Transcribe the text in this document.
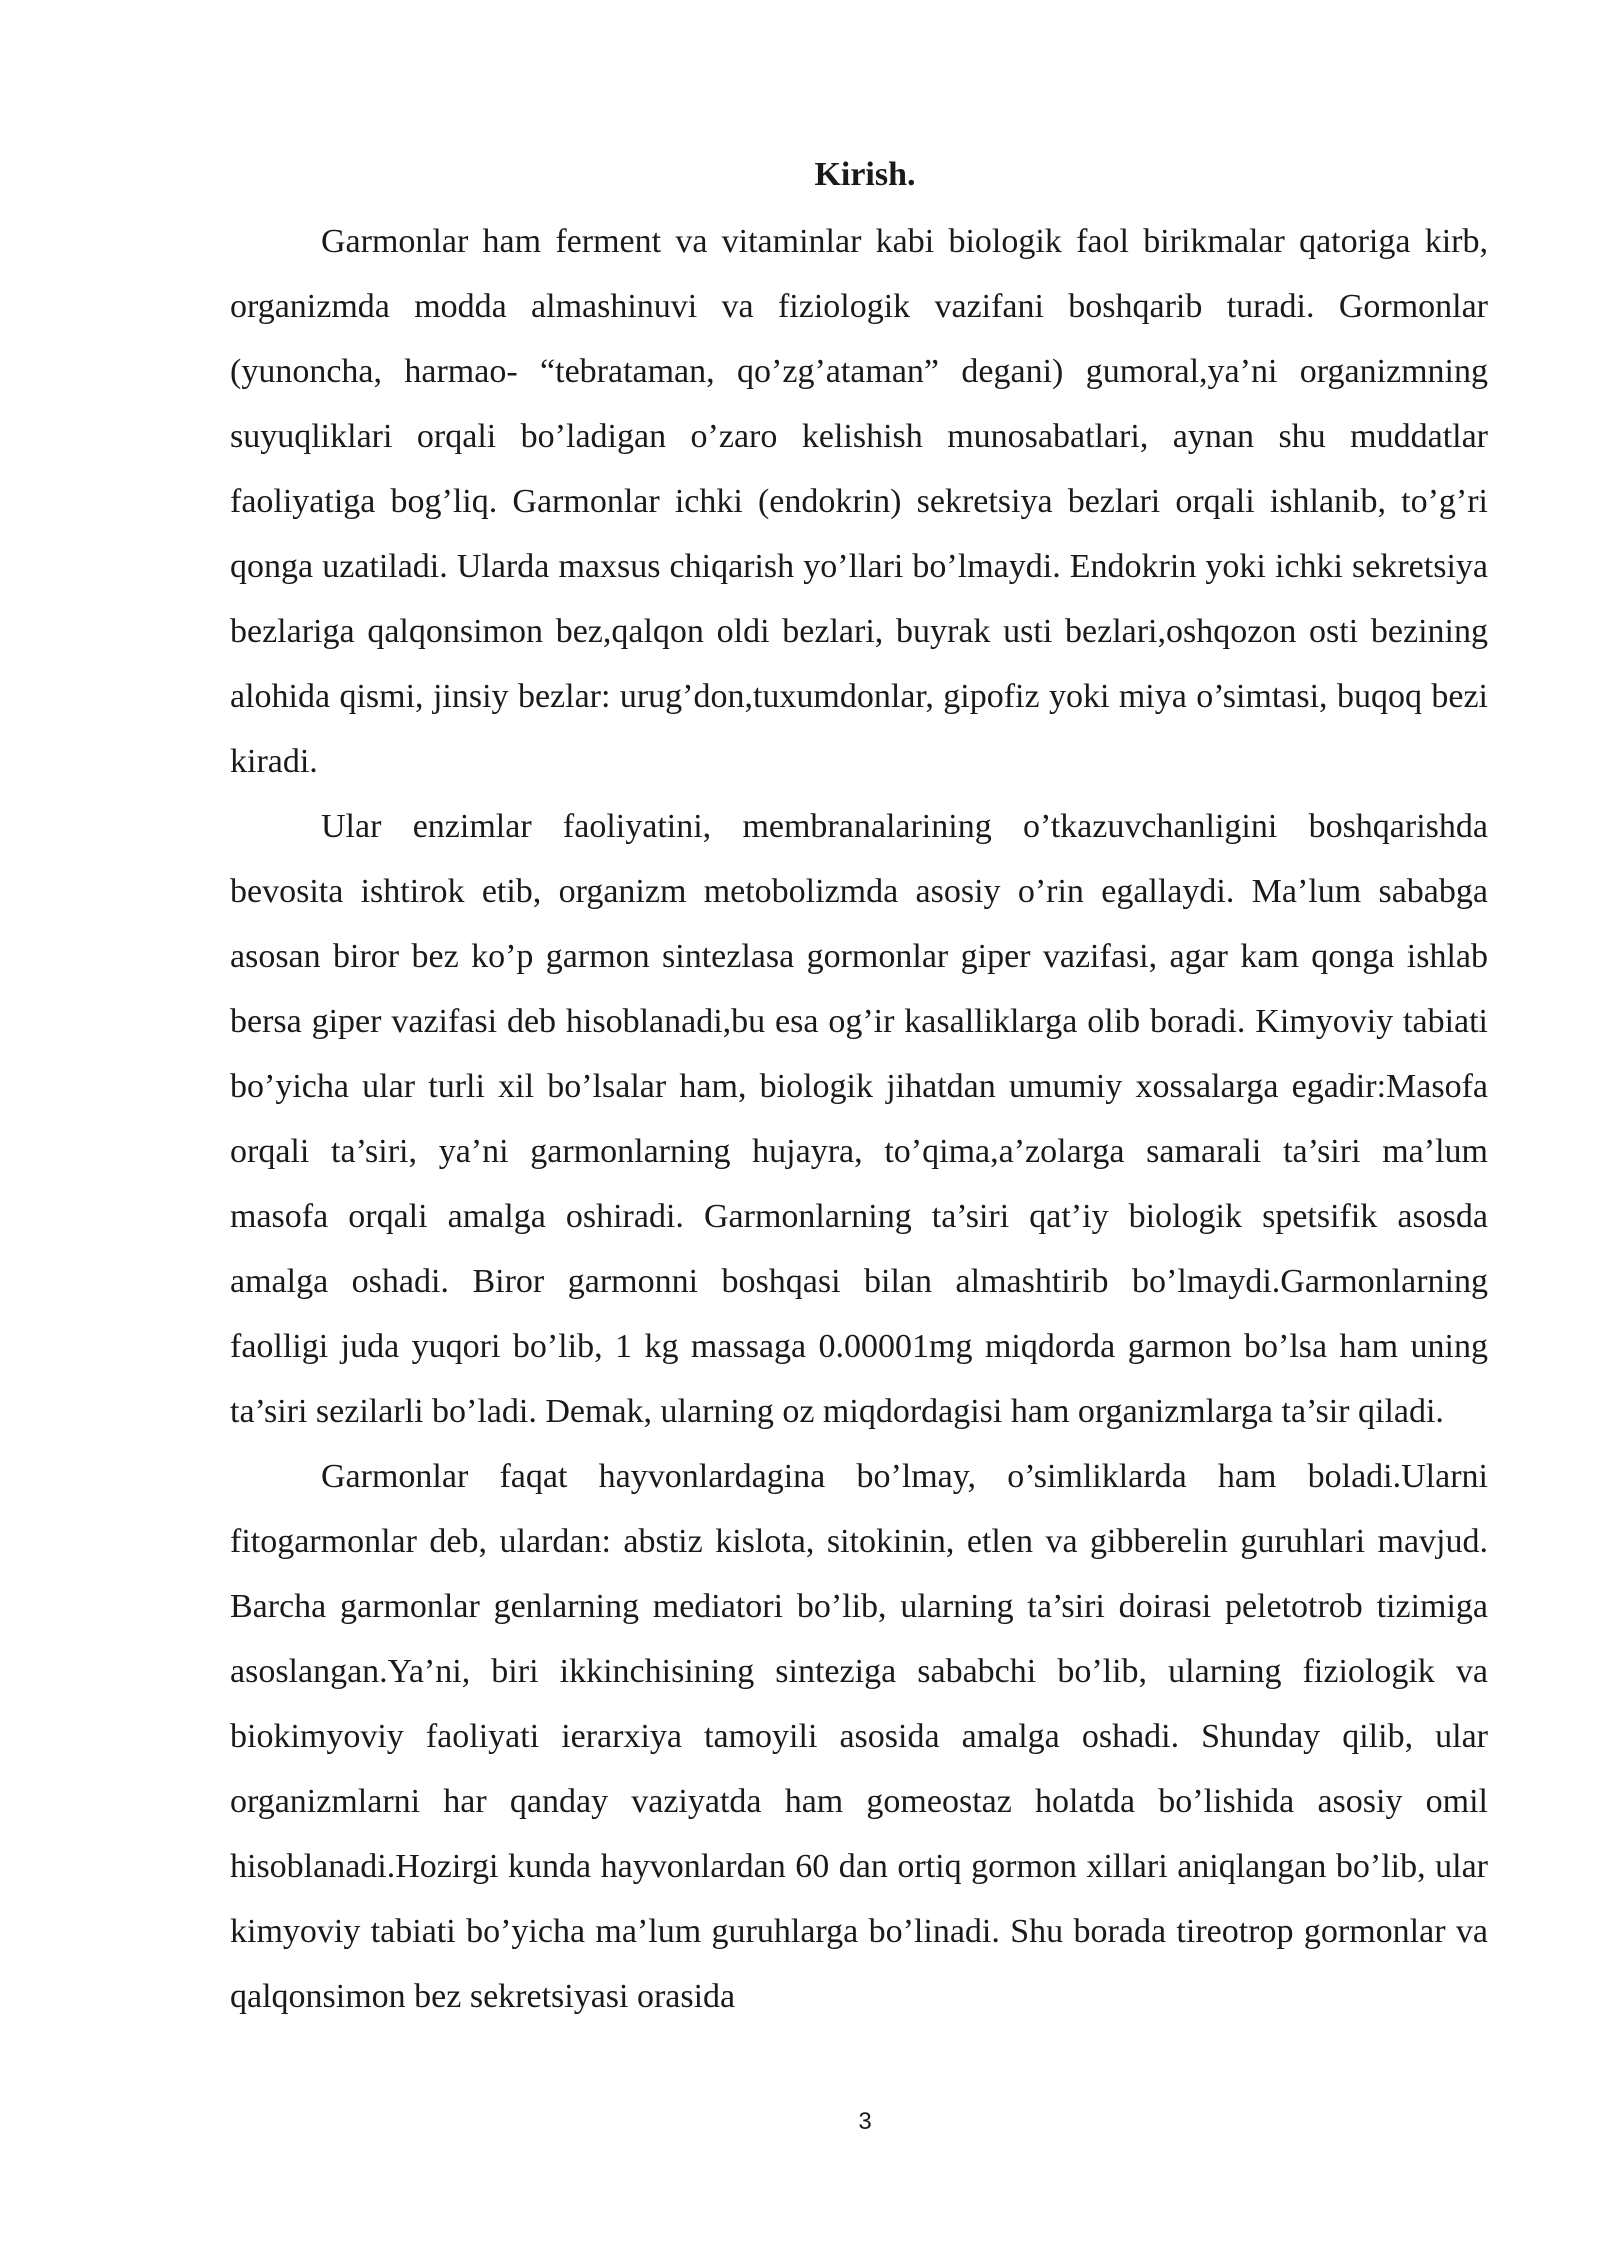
Kirish.

Garmonlar ham ferment va vitaminlar kabi biologik faol birikmalar qatoriga kirb, organizmda modda almashinuvi va fiziologik vazifani boshqarib turadi. Gormonlar (yunoncha, harmao- “tebrataman, qo’zg’ataman” degani) gumoral,ya’ni organizmning suyuqliklari orqali bo’ladigan o’zaro kelishish munosabatlari, aynan shu muddatlar faoliyatiga bog’liq. Garmonlar ichki (endokrin) sekretsiya bezlari orqali ishlanib, to’g’ri qonga uzatiladi. Ularda maxsus chiqarish yo’llari bo’lmaydi. Endokrin yoki ichki sekretsiya bezlariga qalqonsimon bez,qalqon oldi bezlari, buyrak usti bezlari,oshqozon osti bezining alohida qismi, jinsiy bezlar: urug’don,tuxumdonlar, gipofiz yoki miya o’simtasi, buqoq bezi kiradi.

Ular enzimlar faoliyatini, membranalarining o’tkazuvchanligini boshqarishda bevosita ishtirok etib, organizm metobolizmda asosiy o’rin egallaydi. Ma’lum sababga asosan biror bez ko’p garmon sintezlasa gormonlar giper vazifasi, agar kam qonga ishlab bersa giper vazifasi deb hisoblanadi,bu esa og’ir kasalliklarga olib boradi. Kimyoviy tabiati bo’yicha ular turli xil bo’lsalar ham, biologik jihatdan umumiy xossalarga egadir:Masofa orqali ta’siri, ya’ni garmonlarning hujayra, to’qima,a’zolarga samarali ta’siri ma’lum masofa orqali amalga oshiradi. Garmonlarning ta’siri qat’iy biologik spetsifik asosda amalga oshadi. Biror garmonni boshqasi bilan almashtirib bo’lmaydi.Garmonlarning faolligi juda yuqori bo’lib, 1 kg massaga 0.00001mg miqdorda garmon bo’lsa ham uning ta’siri sezilarli bo’ladi. Demak, ularning oz miqdordagisi ham organizmlarga ta’sir qiladi.

Garmonlar faqat hayvonlardagina bo’lmay, o’simliklarda ham boladi.Ularni fitogarmonlar deb, ulardan: abstiz kislota, sitokinin, etlen va gibberelin guruhlari mavjud. Barcha garmonlar genlarning mediatori bo’lib, ularning ta’siri doirasi peletotrob tizimiga asoslangan.Ya’ni, biri ikkinchisining sinteziga sababchi bo’lib, ularning fiziologik va biokimyoviy faoliyati ierarxiya tamoyili asosida amalga oshadi. Shunday qilib, ular organizmlarni har qanday vaziyatda ham gomeostaz holatda bo’lishida asosiy omil hisoblanadi.Hozirgi kunda hayvonlardan 60 dan ortiq gormon xillari aniqlangan bo’lib, ular kimyoviy tabiati bo’yicha ma’lum guruhlarga bo’linadi. Shu borada tireotrop gormonlar va qalqonsimon bez sekretsiyasi orasida

3
